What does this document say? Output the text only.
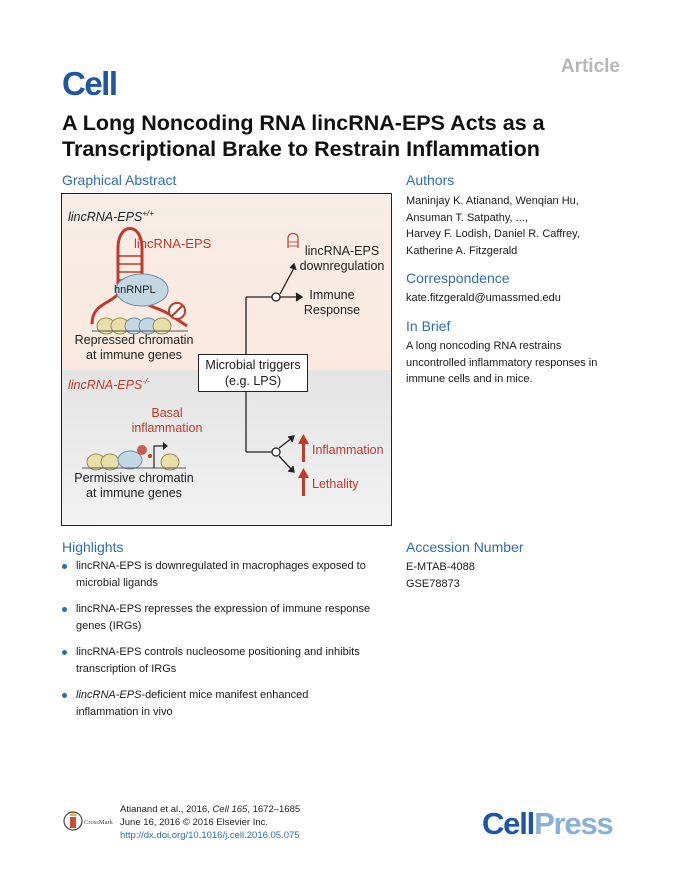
Article
Cell
A Long Noncoding RNA lincRNA-EPS Acts as a Transcriptional Brake to Restrain Inflammation
Graphical Abstract
lincRNA-EPS+/+
lincRNA-EPS
hnRNPL
Repressed chromatin
at immune genes
lincRNA-EPS
downregulation
Immune
Response
Microbial triggers
(e.g. LPS)
lincRNA-EPS-/-
Basal
inflammation
Permissive chromatin
at immune genes
Inflammation
Lethality
Authors
Maninjay K. Atianand, Wenqian Hu,
Ansuman T. Satpathy, ...,
Harvey F. Lodish, Daniel R. Caffrey,
Katherine A. Fitzgerald
Correspondence
kate.fitzgerald@umassmed.edu
In Brief
A long noncoding RNA restrains
uncontrolled inflammatory responses in
immune cells and in mice.
Highlights
lincRNA-EPS is downregulated in macrophages exposed to
microbial ligands
lincRNA-EPS represses the expression of immune response
genes (IRGs)
lincRNA-EPS controls nucleosome positioning and inhibits
transcription of IRGs
lincRNA-EPS-deficient mice manifest enhanced
inflammation in vivo
Accession Number
E-MTAB-4088
GSE78873
CrossMark
Atianand et al., 2016, Cell 165, 1672–1685
June 16, 2016 © 2016 Elsevier Inc.
http://dx.doi.org/10.1016/j.cell.2016.05.075	CellPress
